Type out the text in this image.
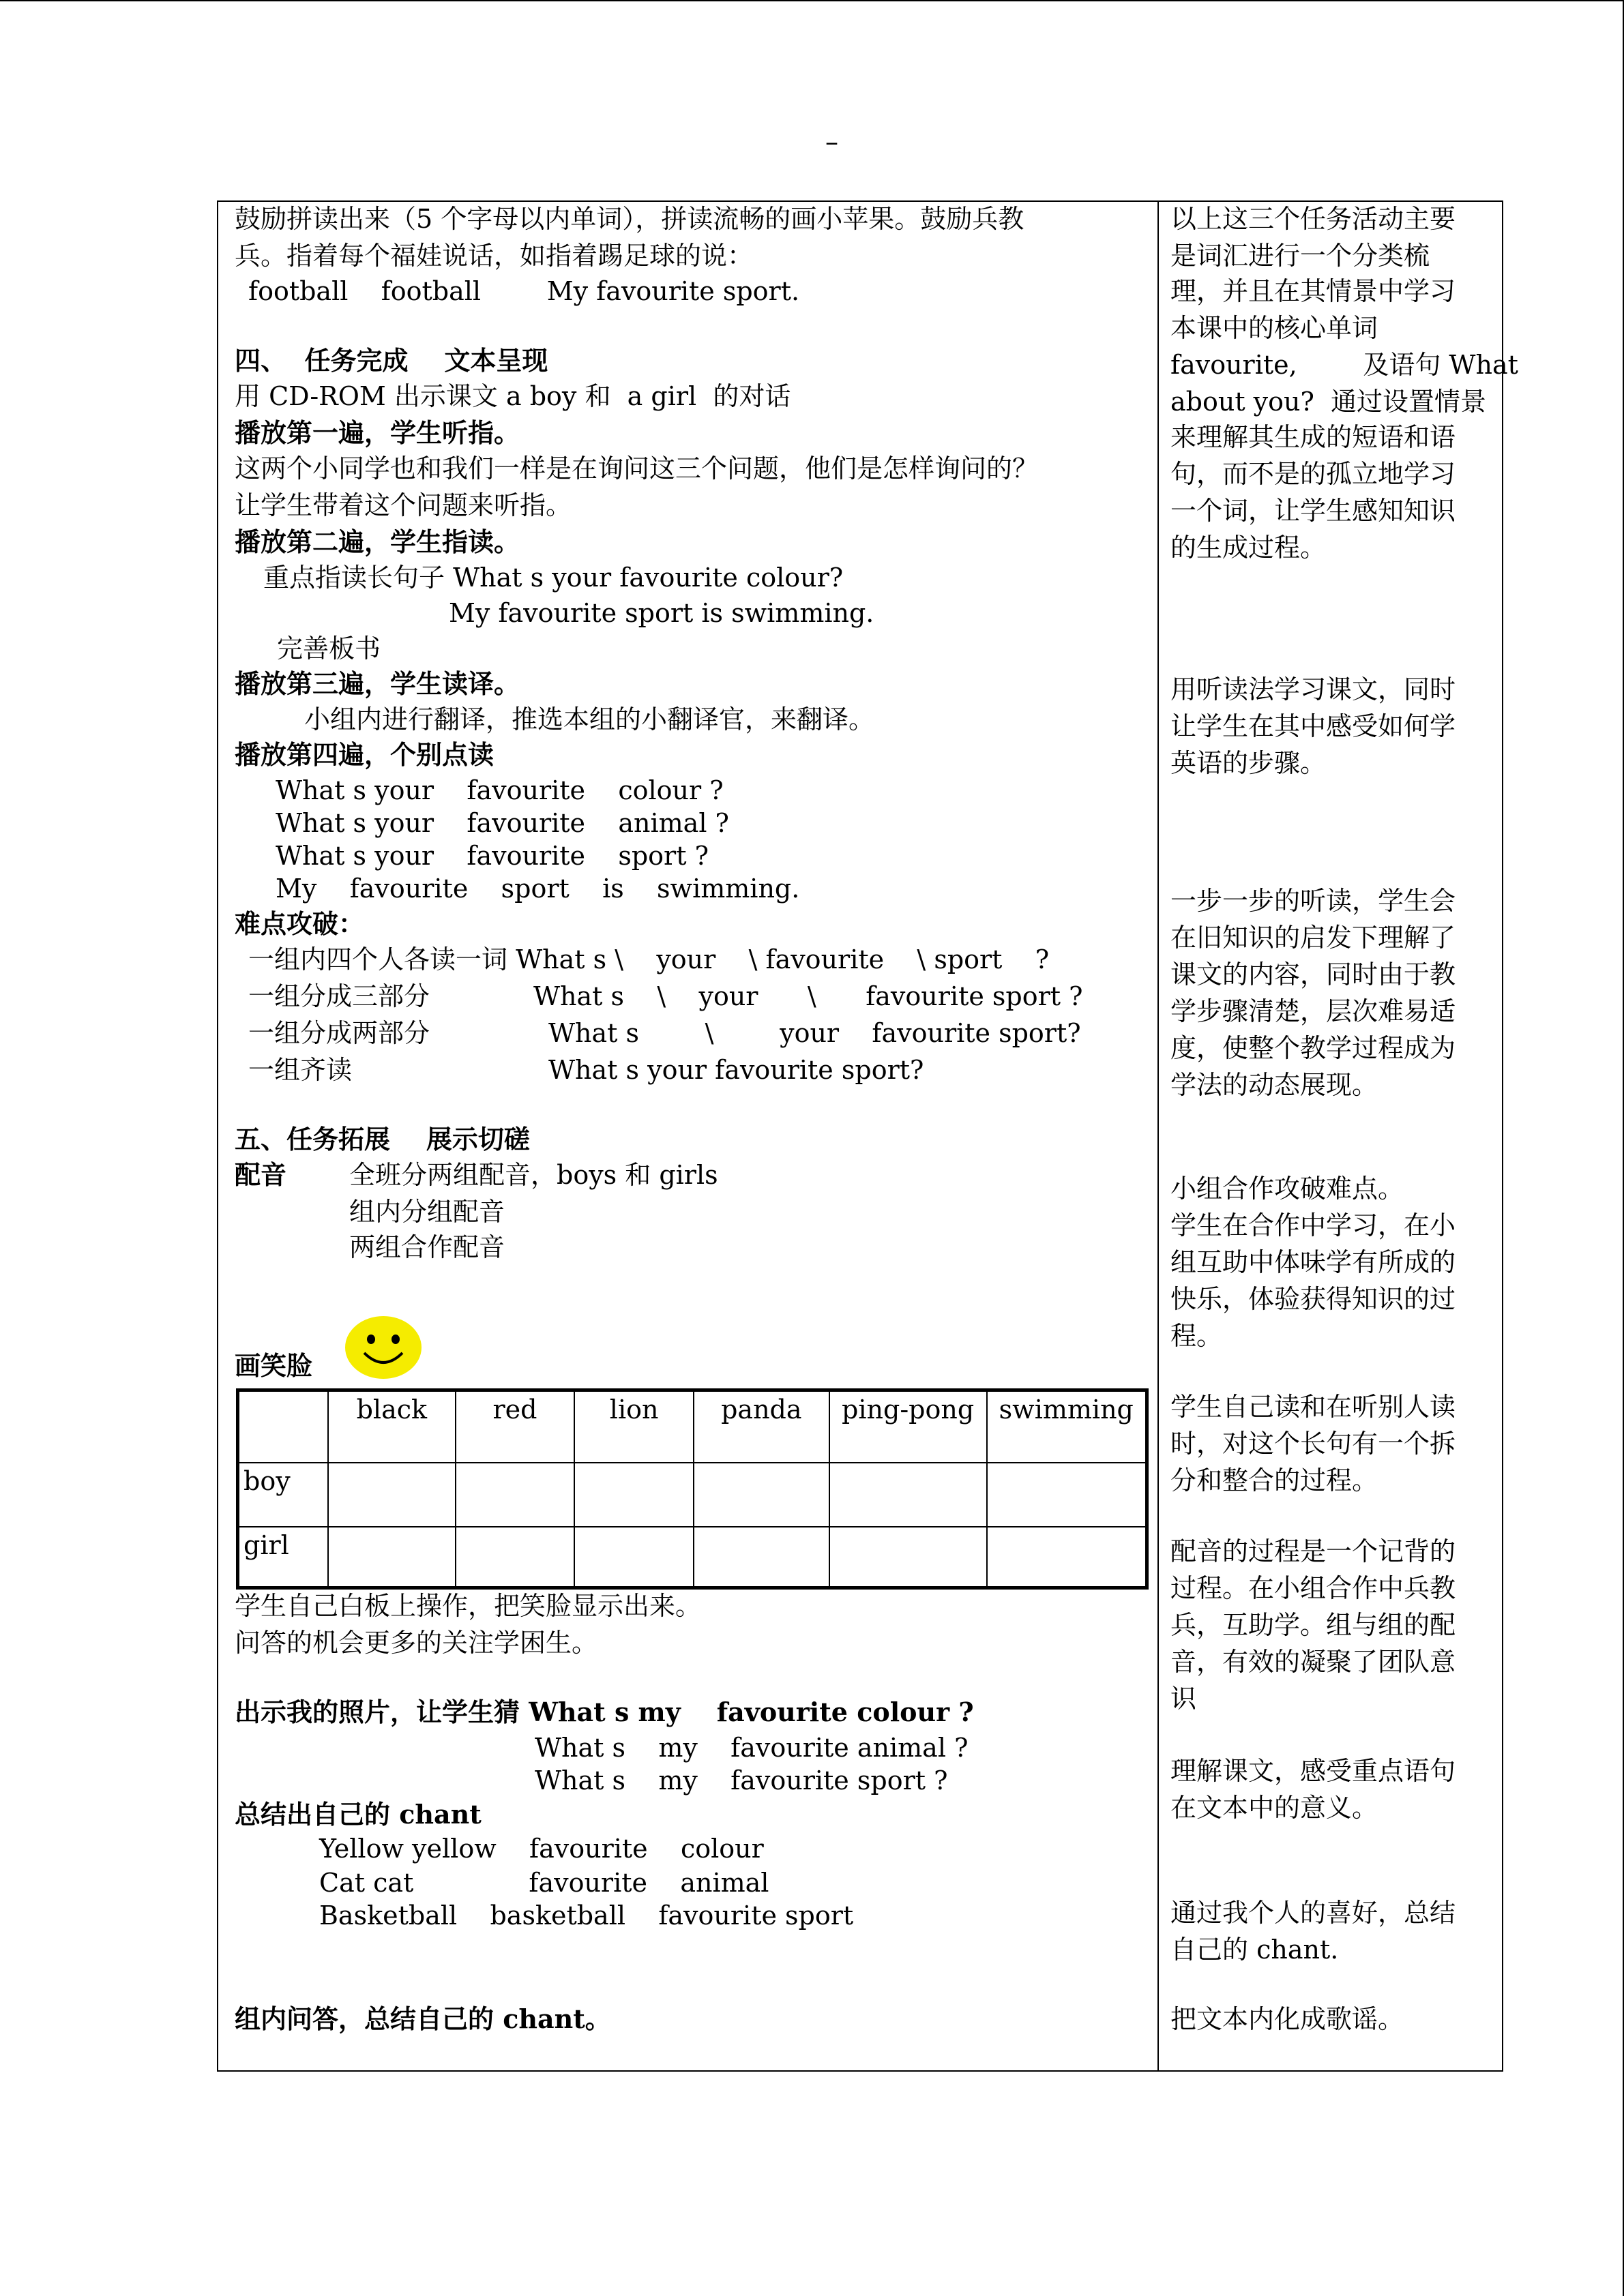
–
鼓励拼读出来（5 个字母以内单词），拼读流畅的画小苹果。鼓励兵教
兵。指着每个福娃说话，如指着踢足球的说：
football    football        My favourite sport.
四、  任务完成    文本呈现
用 CD-ROM 出示课文 a boy 和  a girl  的对话
播放第一遍，学生听指。
这两个小同学也和我们一样是在询问这三个问题，他们是怎样询问的？
让学生带着这个问题来听指。
播放第二遍，学生指读。
重点指读长句子 What s your favourite colour?
My favourite sport is swimming.
完善板书
播放第三遍，学生读译。
小组内进行翻译，推选本组的小翻译官，来翻译。
播放第四遍，个别点读
What s your    favourite    colour ?
What s your    favourite    animal ?
What s your    favourite    sport ?
My    favourite    sport    is    swimming.
难点攻破：
一组内四个人各读一词 What s \    your    \ favourite    \ sport    ?
一组分成三部分	What s    \    your      \      favourite sport ?
一组分成两部分	What s        \        your    favourite sport?
一组齐读	What s your favourite sport?
五、任务拓展    展示切磋
配音 全班分两组配音，boys 和 girls
组内分组配音
两组合作配音
画笑脸
	black	red	lion	panda	ping-pong	swimming
boy						
girl						
学生自己白板上操作，把笑脸显示出来。
问答的机会更多的关注学困生。
出示我的照片，让学生猜 What s my    favourite colour ?
What s    my    favourite animal ?
What s    my    favourite sport ?
总结出自己的 chant
Yellow yellow    favourite    colour
Cat cat              favourite    animal
Basketball    basketball    favourite sport
组内问答，总结自己的 chant。
以上这三个任务活动主要
是词汇进行一个分类梳
理，并且在其情景中学习
本课中的核心单词
favourite,        及语句 What
about you?  通过设置情景
来理解其生成的短语和语
句，而不是的孤立地学习
一个词，让学生感知知识
的生成过程。
用听读法学习课文，同时
让学生在其中感受如何学
英语的步骤。
一步一步的听读，学生会
在旧知识的启发下理解了
课文的内容，同时由于教
学步骤清楚，层次难易适
度，使整个教学过程成为
学法的动态展现。
小组合作攻破难点。
学生在合作中学习，在小
组互助中体味学有所成的
快乐，体验获得知识的过
程。
学生自己读和在听别人读
时，对这个长句有一个拆
分和整合的过程。
配音的过程是一个记背的
过程。在小组合作中兵教
兵，互助学。组与组的配
音，有效的凝聚了团队意
识
理解课文，感受重点语句
在文本中的意义。
通过我个人的喜好，总结
自己的 chant.
把文本内化成歌谣。
